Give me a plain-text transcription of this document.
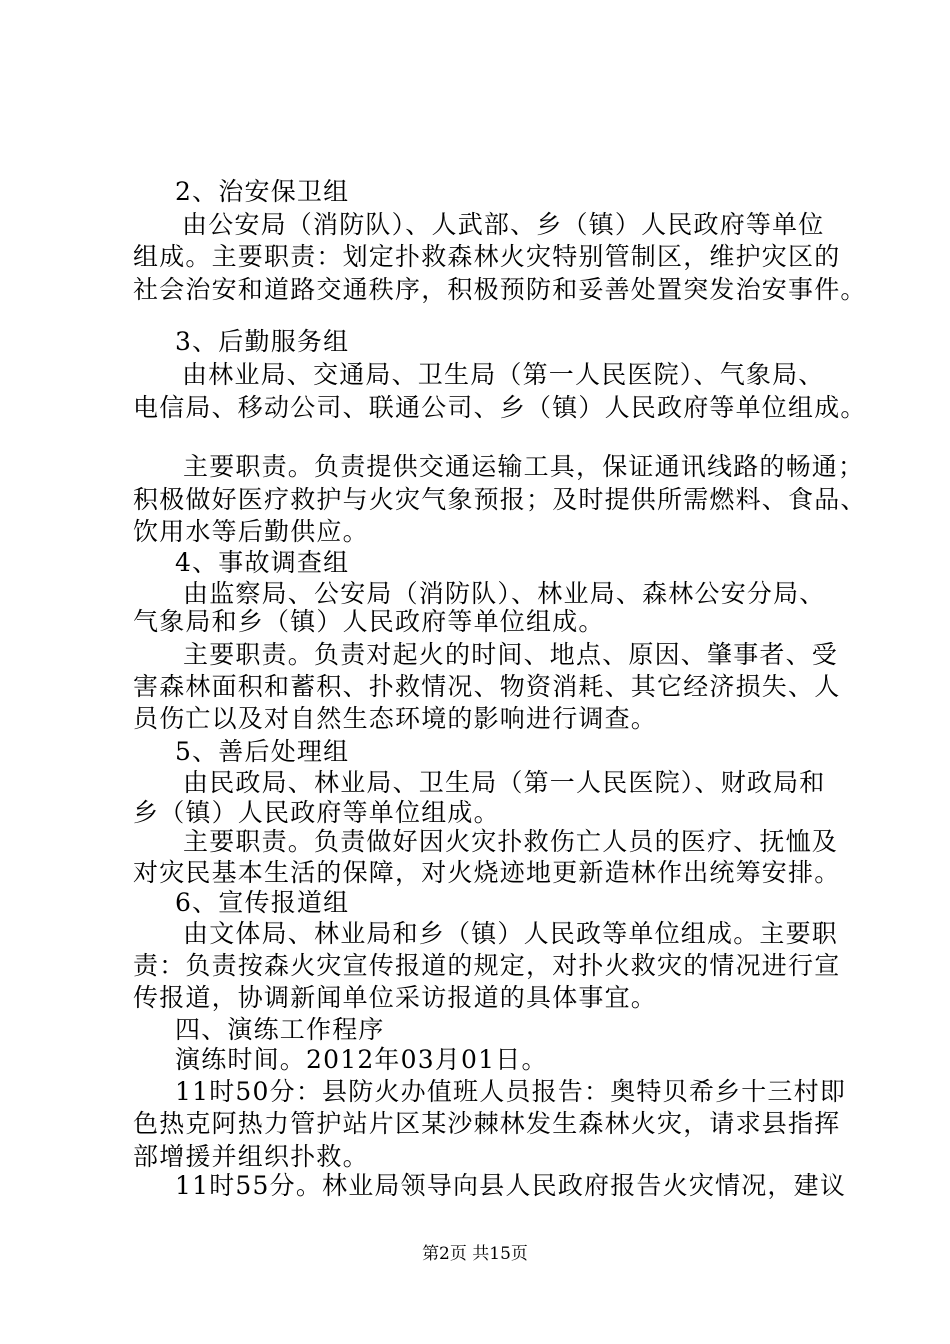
2、治安保卫组
由公安局（消防队）、人武部、乡（镇）人民政府等单位
组成。主要职责：划定扑救森林火灾特别管制区，维护灾区的
社会治安和道路交通秩序，积极预防和妥善处置突发治安事件。
3、后勤服务组
由林业局、交通局、卫生局（第一人民医院）、气象局、
电信局、移动公司、联通公司、乡（镇）人民政府等单位组成。
主要职责。负责提供交通运输工具，保证通讯线路的畅通；
积极做好医疗救护与火灾气象预报；及时提供所需燃料、食品、
饮用水等后勤供应。
4、事故调查组
由监察局、公安局（消防队）、林业局、森林公安分局、
气象局和乡（镇）人民政府等单位组成。
主要职责。负责对起火的时间、地点、原因、肇事者、受
害森林面积和蓄积、扑救情况、物资消耗、其它经济损失、人
员伤亡以及对自然生态环境的影响进行调查。
5、善后处理组
由民政局、林业局、卫生局（第一人民医院）、财政局和
乡（镇）人民政府等单位组成。
主要职责。负责做好因火灾扑救伤亡人员的医疗、抚恤及
对灾民基本生活的保障，对火烧迹地更新造林作出统筹安排。
6、宣传报道组
由文体局、林业局和乡（镇）人民政等单位组成。主要职
责：负责按森火灾宣传报道的规定，对扑火救灾的情况进行宣
传报道，协调新闻单位采访报道的具体事宜。
四、演练工作程序
演练时间。2012年03月01日。
11时50分：县防火办值班人员报告：奥特贝希乡十三村即
色热克阿热力管护站片区某沙棘林发生森林火灾，请求县指挥
部增援并组织扑救。
11时55分。林业局领导向县人民政府报告火灾情况，建议
第2页 共15页
